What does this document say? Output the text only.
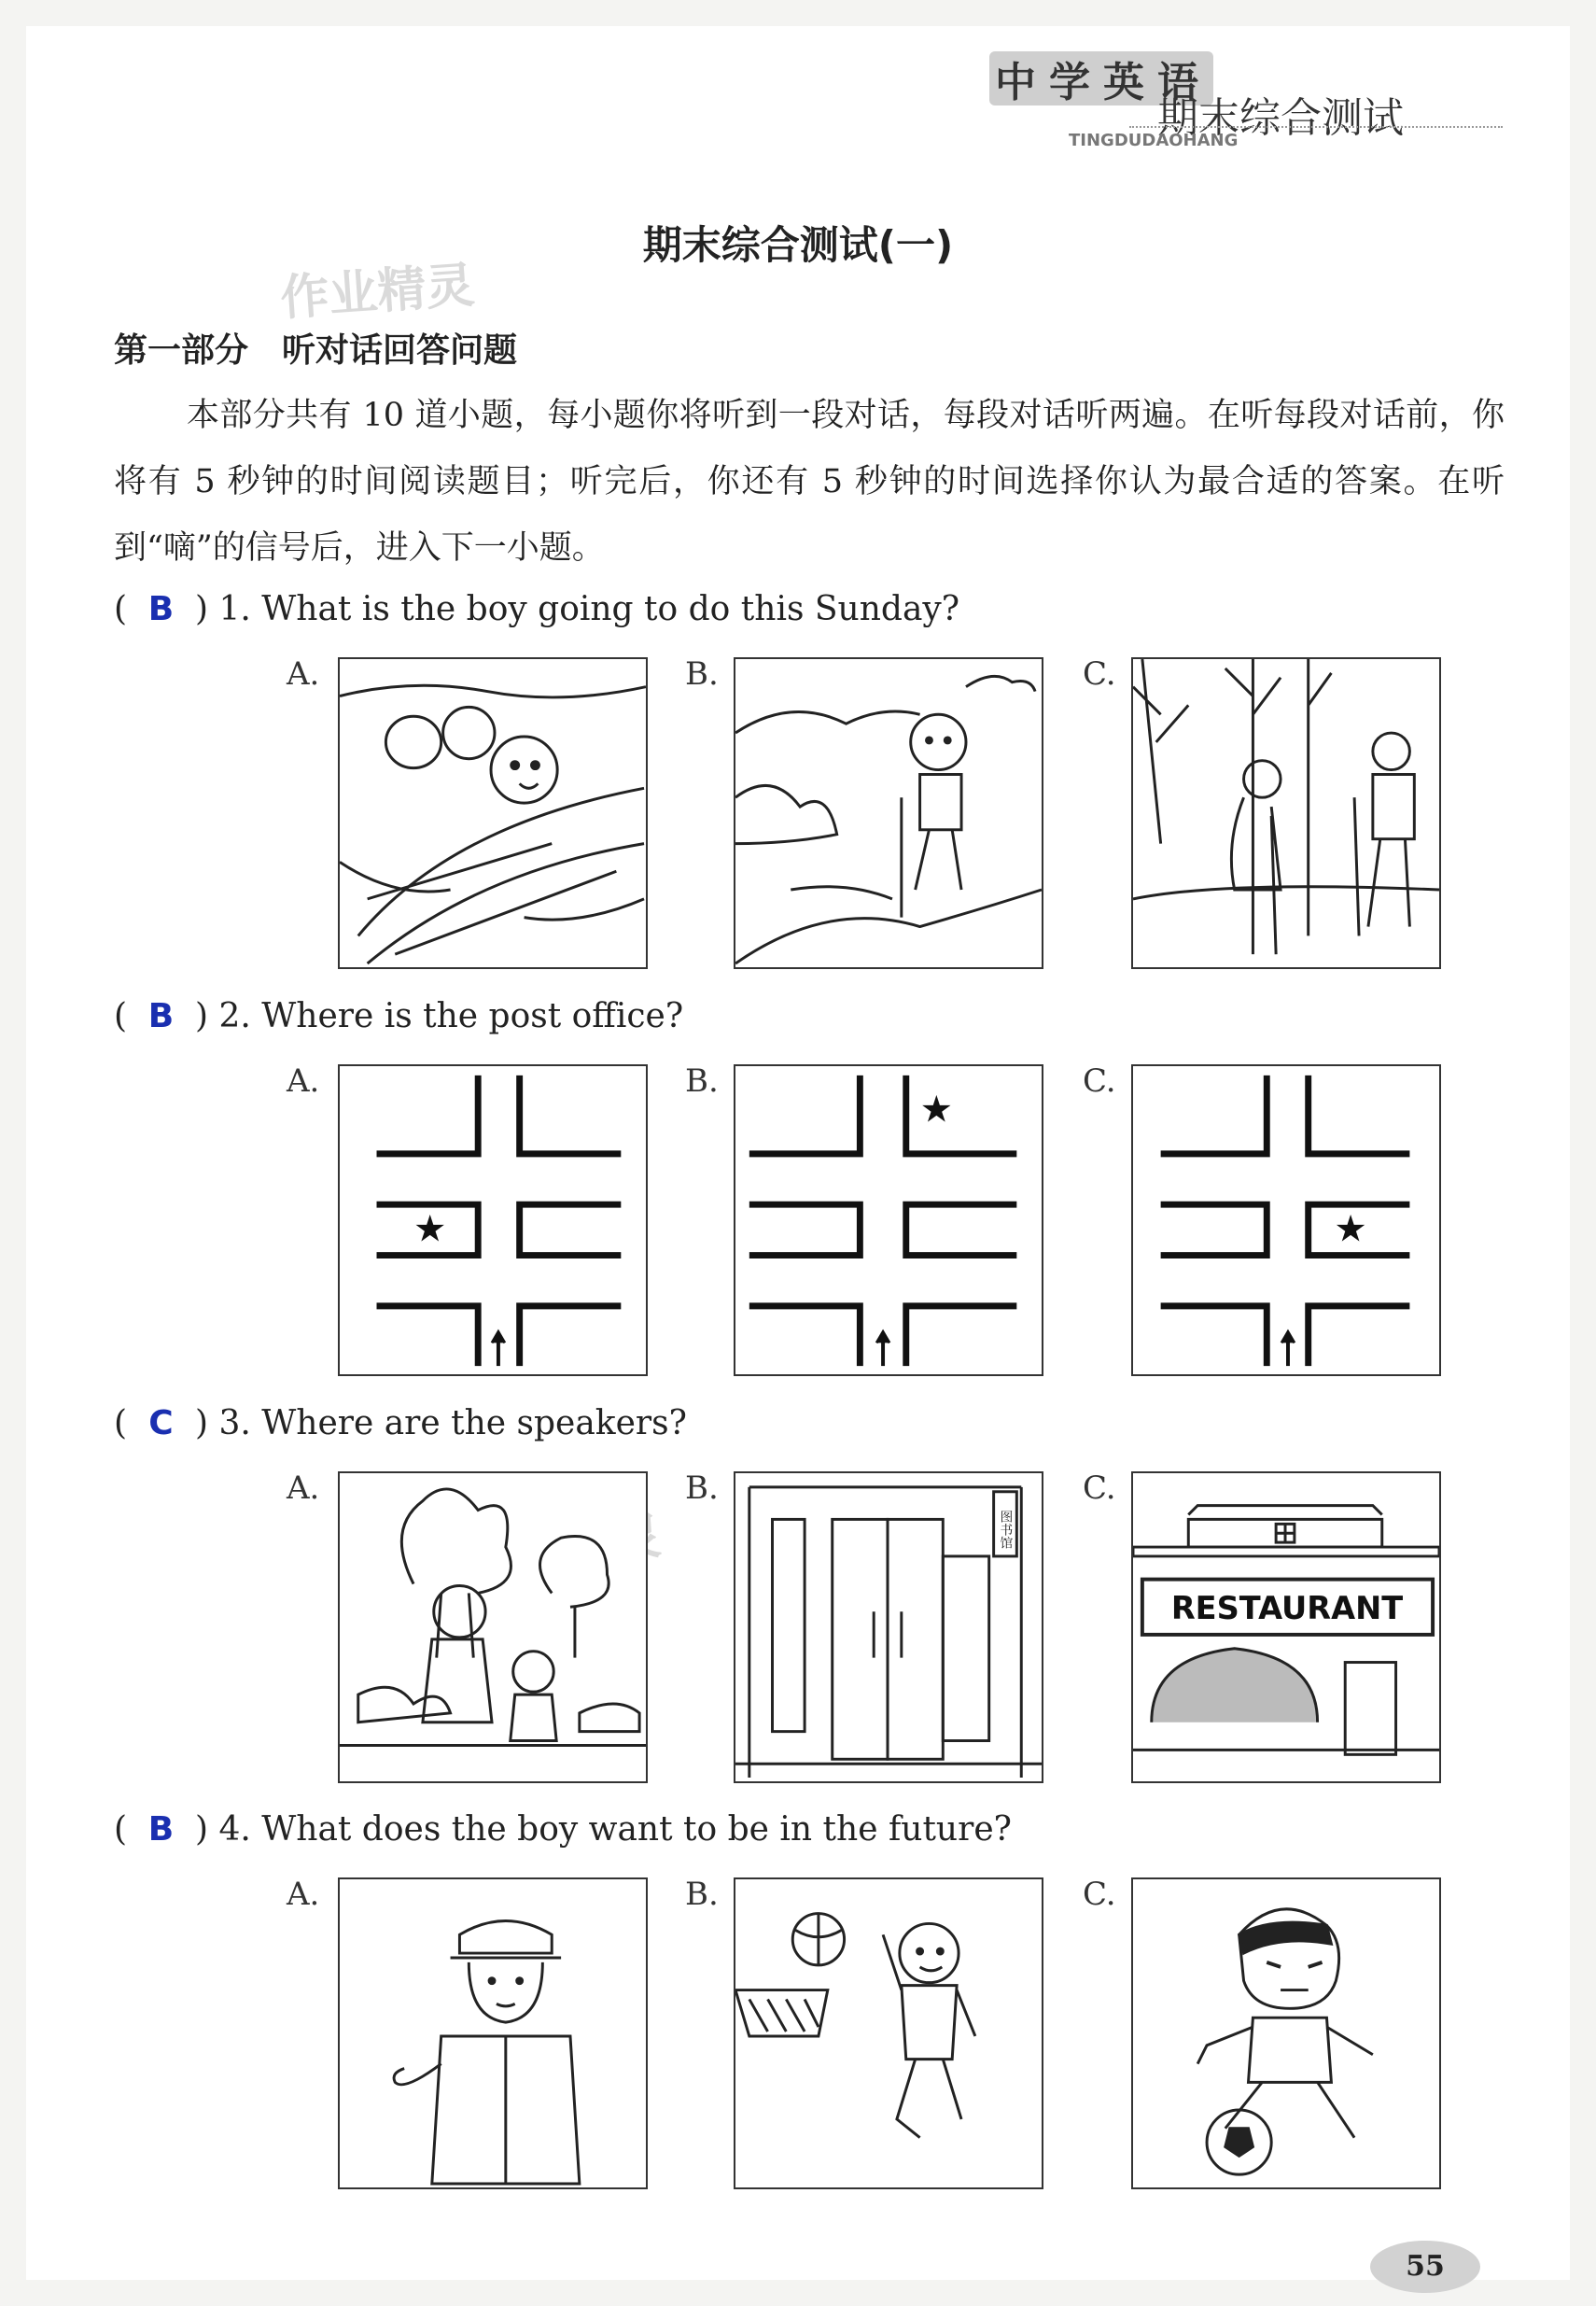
中学英语
期末综合测试
TINGDUDAOHANG
作业精灵
期末综合测试(一)
第一部分　听对话回答问题
本部分共有 10 道小题，每小题你将听到一段对话，每段对话听两遍。在听每段对话前，你将有 5 秒钟的时间阅读题目；听完后，你还有 5 秒钟的时间选择你认为最合适的答案。在听到“嘀”的信号后，进入下一小题。
( B ) 1. What is the boy going to do this Sunday?
A.	B.	C.
( B ) 2. Where is the post office?
A.	B.	C.
★
★
★
( C ) 3. Where are the speakers?
A.	B.	C.
图书馆
RESTAURANT
( B ) 4. What does the boy want to be in the future?
A.	B.	C.
55
